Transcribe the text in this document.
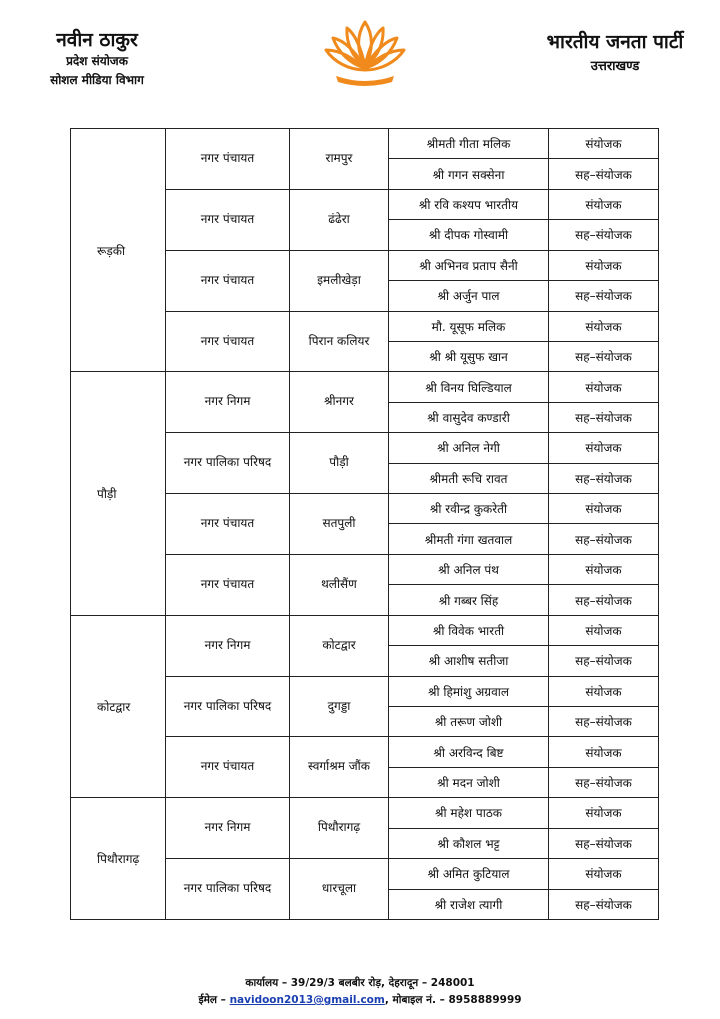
नवीन ठाकुर
प्रदेश संयोजक
सोशल मीडिया विभाग
भारतीय जनता पार्टी
उत्तराखण्ड
रूड़की	नगर पंचायत	रामपुर	श्रीमती गीता मलिक	संयोजक
			श्री गगन सक्सेना	सह–संयोजक
	नगर पंचायत	ढंढेरा	श्री रवि कश्यप भारतीय	संयोजक
			श्री दीपक गोस्वामी	सह–संयोजक
	नगर पंचायत	इमलीखेड़ा	श्री अभिनव प्रताप सैनी	संयोजक
			श्री अर्जुन पाल	सह–संयोजक
	नगर पंचायत	पिरान कलियर	मौ. यूसूफ मलिक	संयोजक
			श्री श्री यूसुफ खान	सह–संयोजक
पौड़ी	नगर निगम	श्रीनगर	श्री विनय घिल्डियाल	संयोजक
			श्री वासुदेव कण्डारी	सह–संयोजक
	नगर पालिका परिषद	पौड़ी	श्री अनिल नेगी	संयोजक
			श्रीमती रूचि रावत	सह–संयोजक
	नगर पंचायत	सतपुली	श्री रवीन्द्र कुकरेती	संयोजक
			श्रीमती गंगा खतवाल	सह–संयोजक
	नगर पंचायत	थलीसैंण	श्री अनिल पंथ	संयोजक
			श्री गब्बर सिंह	सह–संयोजक
कोटद्वार	नगर निगम	कोटद्वार	श्री विवेक भारती	संयोजक
			श्री आशीष सतीजा	सह–संयोजक
	नगर पालिका परिषद	दुगड्डा	श्री हिमांशु अग्रवाल	संयोजक
			श्री तरूण जोशी	सह–संयोजक
	नगर पंचायत	स्वर्गाश्रम जौंक	श्री अरविन्द बिष्ट	संयोजक
			श्री मदन जोशी	सह–संयोजक
पिथौरागढ़	नगर निगम	पिथौरागढ़	श्री महेश पाठक	संयोजक
			श्री कौशल भट्ट	सह–संयोजक
	नगर पालिका परिषद	धारचूला	श्री अमित कुटियाल	संयोजक
			श्री राजेश त्यागी	सह–संयोजक
कार्यालय – 39/29/3 बलबीर रोड़, देहरादून – 248001
ईमेल – navidoon2013@gmail.com, मोबाइल नं. – 8958889999
